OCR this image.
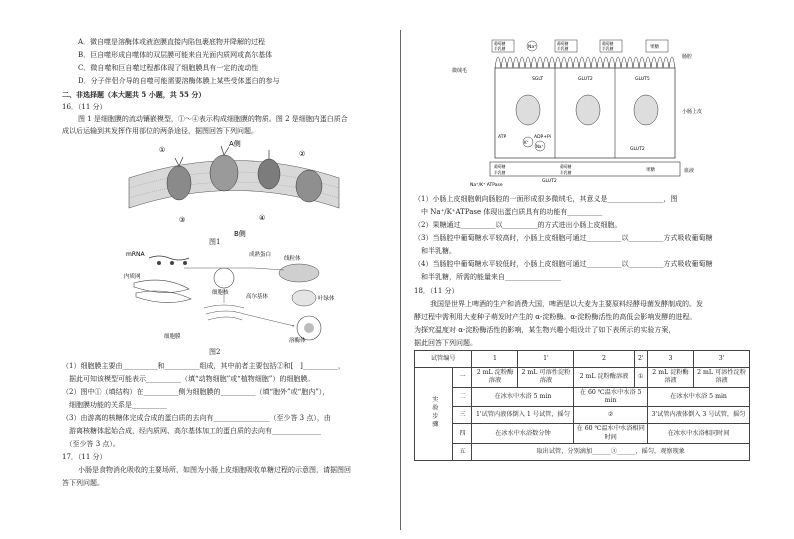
A．微自噬是溶酶体或液泡膜直接内陷包裹底物并降解的过程
B．巨自噬形成自噬体的双层膜可能来自光面内质网或高尔基体
C．微自噬和巨自噬过程都体现了细胞膜具有一定的流动性
D．分子伴侣介导的自噬可能需要溶酶体膜上某些受体蛋白的参与
二、非选择题（本大题共 5 小题，共 55 分）
16．（11 分）
图 1 是细胞膜的流动镶嵌模型，①～④表示构成细胞膜的物质。图 2 是细胞内蛋白质合
成以后运输到其发挥作用部位的两条途径，据图回答下列问题。
A侧
B侧
①	②
③	④
图1
mRNA
内质网
高尔基体
细胞膜
溶酶体
线粒体
叶绿体
细胞核
成熟蛋白
图2
（1）细胞膜主要由__________和__________组成，其中前者主要包括②和[　]__________，
　据此可知该模型可能表示__________（填“动物细胞”或“植物细胞”）的细胞膜。
（2）图中①（填结构）在__________侧为细胞膜的__________（填“胞外”或“胞内”），
　细胞膜功能的关系是__________
（3）由游离的核糖体完成合成的蛋白质的去向有________________（至少答 3 点），由
　游离核糖体起始合成，经内质网、高尔基体加工的蛋白质的去向有______________
　（至少答 3 点）。
17．（11 分）
小肠是食物消化吸收的主要场所，如图为小肠上皮细胞吸收单糖过程的示意图，请据图回
答下列问题。
葡萄糖
半乳糖	Na⁺
葡萄糖
半乳糖
葡萄糖
半乳糖	果糖
微绒毛
肠腔
小肠上皮
血液
SGLT	GLUT2	GLUT5
ATP	ADP+Pi
GLUT2
GLUT2
K⁺
Na⁺
Na⁺/K⁺ ATPase
葡萄糖
半乳糖
葡萄糖
半乳糖	果糖
（1）小肠上皮细胞朝向肠腔的一面形成很多微绒毛，其意义是________________，图
　中 Na⁺/K⁺ATPase 体现出蛋白质具有的功能有__________
（2）果糖通过__________以__________的方式进出小肠上皮细胞。
（3）当肠腔中葡萄糖水平较高时，小肠上皮细胞可通过__________以__________方式吸收葡萄糖
　和半乳糖。
（4）当肠腔中葡萄糖水平较低时，小肠上皮细胞可通过__________以__________方式吸收葡萄糖
　和半乳糖，所需的能量来自________________
18．（11 分）
我国是世界上啤酒的生产和消费大国，啤酒是以大麦为主要原料经酵母菌发酵制成的。发
酵过程中需利用大麦种子萌发时产生的 α-淀粉酶。α-淀粉酶活性的高低会影响发酵的进程。
为探究温度对 α-淀粉酶活性的影响，某生物兴趣小组设计了如下表所示的实验方案，
据此回答下列问题。
试管编号		1	1'	2	2'	3	3'
实验步骤	一	2 mL 淀粉酶溶液	2 mL 可溶性淀粉溶液	2 mL 淀粉酶溶液	①	2 mL 淀粉酶溶液	2 mL 可溶性淀粉溶液
	二	在冰水中水浴 5 min		在 60 ℃温水中水浴 5 min		在冰水中水浴 5 min	
	三	1'试管内液体倒入 1 号试管，摇匀		②		3'试管内液体倒入 3 号试管，摇匀	
	四	在冰水中水浴数分钟		在 60 ℃温水中水浴相同时间		在冰水中水浴相同时间	
	五	取出试管，分别滴加______③______，摇匀，观察现象					
